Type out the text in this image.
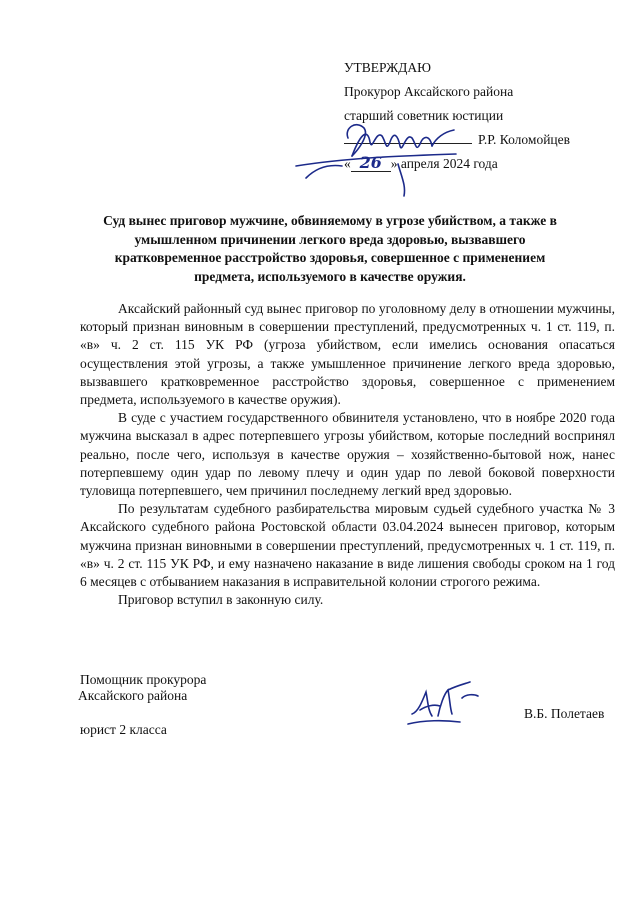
УТВЕРЖДАЮ
Прокурор Аксайского района
старший советник юстиции
Р.Р. Коломойцев
« 26 » апреля 2024 года
Суд вынес приговор мужчине, обвиняемому в угрозе убийством, а также в умышленном причинении легкого вреда здоровью, вызвавшего кратковременное расстройство здоровья, совершенное с применением предмета, используемого в качестве оружия.

Аксайский районный суд вынес приговор по уголовному делу в отношении мужчины, который признан виновным в совершении преступлений, предусмотренных ч. 1 ст. 119, п. «в» ч. 2 ст. 115 УК РФ (угроза убийством, если имелись основания опасаться осуществления этой угрозы, а также умышленное причинение легкого вреда здоровью, вызвавшего кратковременное расстройство здоровья, совершенное с применением предмета, используемого в качестве оружия).

В суде с участием государственного обвинителя установлено, что в ноябре 2020 года мужчина высказал в адрес потерпевшего угрозы убийством, которые последний воспринял реально, после чего, используя в качестве оружия – хозяйственно-бытовой нож, нанес потерпевшему один удар по левому плечу и один удар по левой боковой поверхности туловища потерпевшего, чем причинил последнему легкий вред здоровью.

По результатам судебного разбирательства мировым судьей судебного участка № 3 Аксайского судебного района Ростовской области 03.04.2024 вынесен приговор, которым мужчина признан виновными в совершении преступлений, предусмотренных ч. 1 ст. 119, п. «в» ч. 2 ст. 115 УК РФ, и ему назначено наказание в виде лишения свободы сроком на 1 год 6 месяцев с отбыванием наказания в исправительной колонии строгого режима.

Приговор вступил в законную силу.

Помощник прокурора
Аксайского района
юрист 2 класса
В.Б. Полетаев
